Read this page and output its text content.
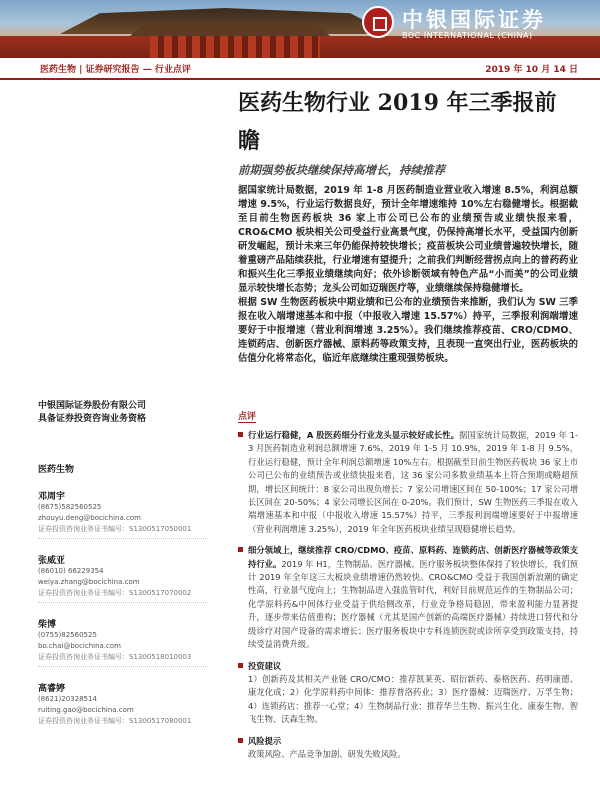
中银国际证券
BOC INTERNATIONAL (CHINA)
医药生物 | 证券研究报告 — 行业点评	2019 年 10 月 14 日
医药生物行业 2019 年三季报前瞻
前期强势板块继续保持高增长，持续推荐

据国家统计局数据，2019 年 1-8 月医药制造业营业收入增速 8.5%，利润总额增速 9.5%，行业运行数据良好，预计全年增速维持 10%左右稳健增长。根据截至目前生物医药板块 36 家上市公司已公布的业绩预告或业绩快报来看，CRO&CMO 板块相关公司受益行业高景气度，仍保持高增长水平，受益国内创新研发崛起，预计未来三年仍能保持较快增长；疫苗板块公司业绩普遍较快增长，随着重磅产品陆续获批，行业增速有望提升；之前我们判断经营拐点向上的普药药业和振兴生化三季报业绩继续向好；依外诊断领域有特色产品“小而美”的公司业绩显示较快增长态势；龙头公司如迈瑞医疗等，业绩继续保持稳健增长。

根据 SW 生物医药板块中期业绩和已公布的业绩预告来推断，我们认为 SW 三季报在收入端增速基本和中报（中报收入增速 15.57%）持平，三季报利润端增速要好于中报增速（营业利润增速 3.25%）。我们继续推荐疫苗、CRO/CDMO、连锁药店、创新医疗器械、原料药等政策支持，且表现一直突出行业，医药板块的估值分化将常态化，临近年底继续注重现强势板块。

点评

行业运行稳健，A 股医药细分行业龙头显示较好成长性。据国家统计局数据，2019 年 1-3 月医药制造业利润总额增速 7.6%，2019 年 1-5 月 10.9%，2019 年 1-8 月 9.5%，行业运行稳健，预计全年利润总额增速 10%左右。根据截至目前生物医药板块 36 家上市公司已公布的业绩预告或业绩快报来看，这 36 家公司多数业绩基本上符合预期或略超预期，增长区间统计：8 家公司出现负增长；7 家公司增速区间在 50-100%；17 家公司增长区间在 20-50%；4 家公司增长区间在 0-20%。我们预计，SW 生物医药三季报在收入端增速基本和中报（中报收入增速 15.57%）持平，三季报利润端增速要好于中报增速（营业利润增速 3.25%），2019 年全年医药板块业绩呈现稳健增长趋势。

细分领域上，继续推荐 CRO/CDMO、疫苗、原料药、连锁药店、创新医疗器械等政策支持行业。2019 年 H1，生物制品、医疗器械、医疗服务板块整体保持了较快增长，我们预计 2019 年全年这三大板块业绩增速仍然较快。CRO&CMO 受益于我国创新浪潮的确定性高，行业景气度向上；生物制品进入强监管时代，利好目前规范运作的生物制品公司；化学原料药&中间体行业受益于供给侧改革，行业竞争格局稳固，带来盈利能力显著提升，逐步带来估值重构；医疗器械（尤其是国产创新的高端医疗器械）持续进口替代和分级诊疗对国产设备的需求增长；医疗服务板块中专科连锁医院或诊所享受到政策支持，持续受益消费升级。

投资建议

1）创新药及其相关产业链 CRO/CMO：推荐凯莱英、昭衍新药、泰格医药、药明康德、康龙化成；2）化学原料药中间体：推荐普洛药业；3）医疗器械：迈瑞医疗、万孚生物；4）连锁药店：推荐一心堂；4）生物制品行业：推荐华兰生物、振兴生化、康泰生物、智飞生物、沃森生物。

风险提示

政策风险、产品竞争加剧、研发失败风险。
中银国际证券股份有限公司
具备证券投资咨询业务资格
医药生物
邓周宇
(8675)582560525
zhouyu.deng@bocichina.com
证券投资咨询业务证书编号：S1300517050001
张威亚
(86010) 66229354
weiya.zhang@bocichina.com
证券投资咨询业务证书编号：S1300517070002
柴博
(0755)82560525
bo.chai@bocichina.com
证券投资咨询业务证书编号：S1300518010003
高睿婷
(8621)20328514
ruiting.gao@bocichina.com
证券投资咨询业务证书编号：S1300517080001
